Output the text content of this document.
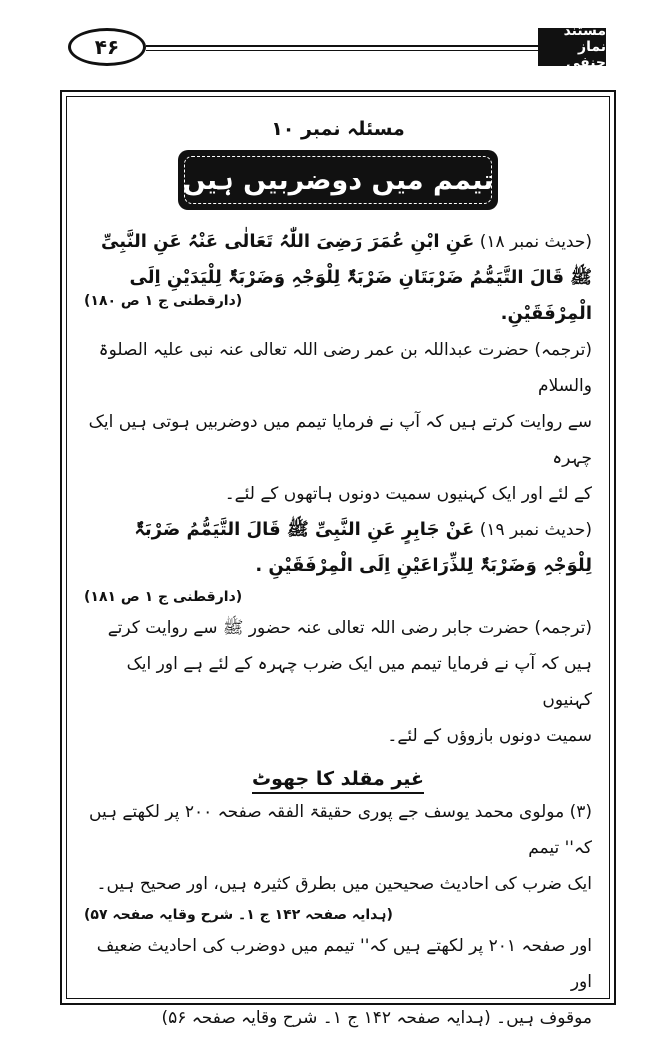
۴۶
مستند نماز حنفی
مسئلہ نمبر ۱۰
تیمم میں دوضربیں ہیں

(حدیث نمبر ۱۸) عَنِ ابْنِ عُمَرَ رَضِیَ اللّٰہُ تَعَالٰی عَنْہُ عَنِ النَّبِیِّ

ﷺ قَالَ التَّیَمُّمُ ضَرْبَتَانِ ضَرْبَۃٌ لِلْوَجْہِ وَضَرْبَۃٌ لِلْیَدَیْنِ اِلَی

الْمِرْفَقَیْنِ.
(دارقطنی ج ۱ ص ۱۸۰)

(ترجمہ) حضرت عبداللہ بن عمر رضی اللہ تعالی عنہ نبی علیہ الصلوۃ والسلام

سے روایت کرتے ہیں کہ آپ نے فرمایا تیمم میں دوضربیں ہوتی ہیں ایک چہرہ

کے لئے اور ایک کہنیوں سمیت دونوں ہاتھوں کے لئے۔

(حدیث نمبر ۱۹) عَنْ جَابِرٍ عَنِ النَّبِیِّ ﷺ قَالَ التَّیَمُّمُ ضَرْبَۃٌ

لِلْوَجْہِ وَضَرْبَۃٌ لِلذِّرَاعَیْنِ اِلَی الْمِرْفَقَیْنِ .

(دارقطنی ج ۱ ص ۱۸۱)

(ترجمہ) حضرت جابر رضی اللہ تعالی عنہ حضور ﷺ سے روایت کرتے

ہیں کہ آپ نے فرمایا تیمم میں ایک ضرب چہرہ کے لئے ہے اور ایک کہنیوں

سمیت دونوں بازوؤں کے لئے۔

غیر مقلد کا جھوٹ

(۳) مولوی محمد یوسف جے پوری حقیقۃ الفقہ صفحہ ۲۰۰ پر لکھتے ہیں کہ'' تیمم

ایک ضرب کی احادیث صحیحین میں بطرق کثیرہ ہیں، اور صحیح ہیں۔

(ہدایہ صفحہ ۱۴۲ ج ۱۔ شرح وقایہ صفحہ ۵۷)

اور صفحہ ۲۰۱ پر لکھتے ہیں کہ'' تیمم میں دوضرب کی احادیث ضعیف اور

موقوف ہیں۔ (ہدایہ صفحہ ۱۴۲ ج ۱۔ شرح وقایہ صفحہ ۵۶)
